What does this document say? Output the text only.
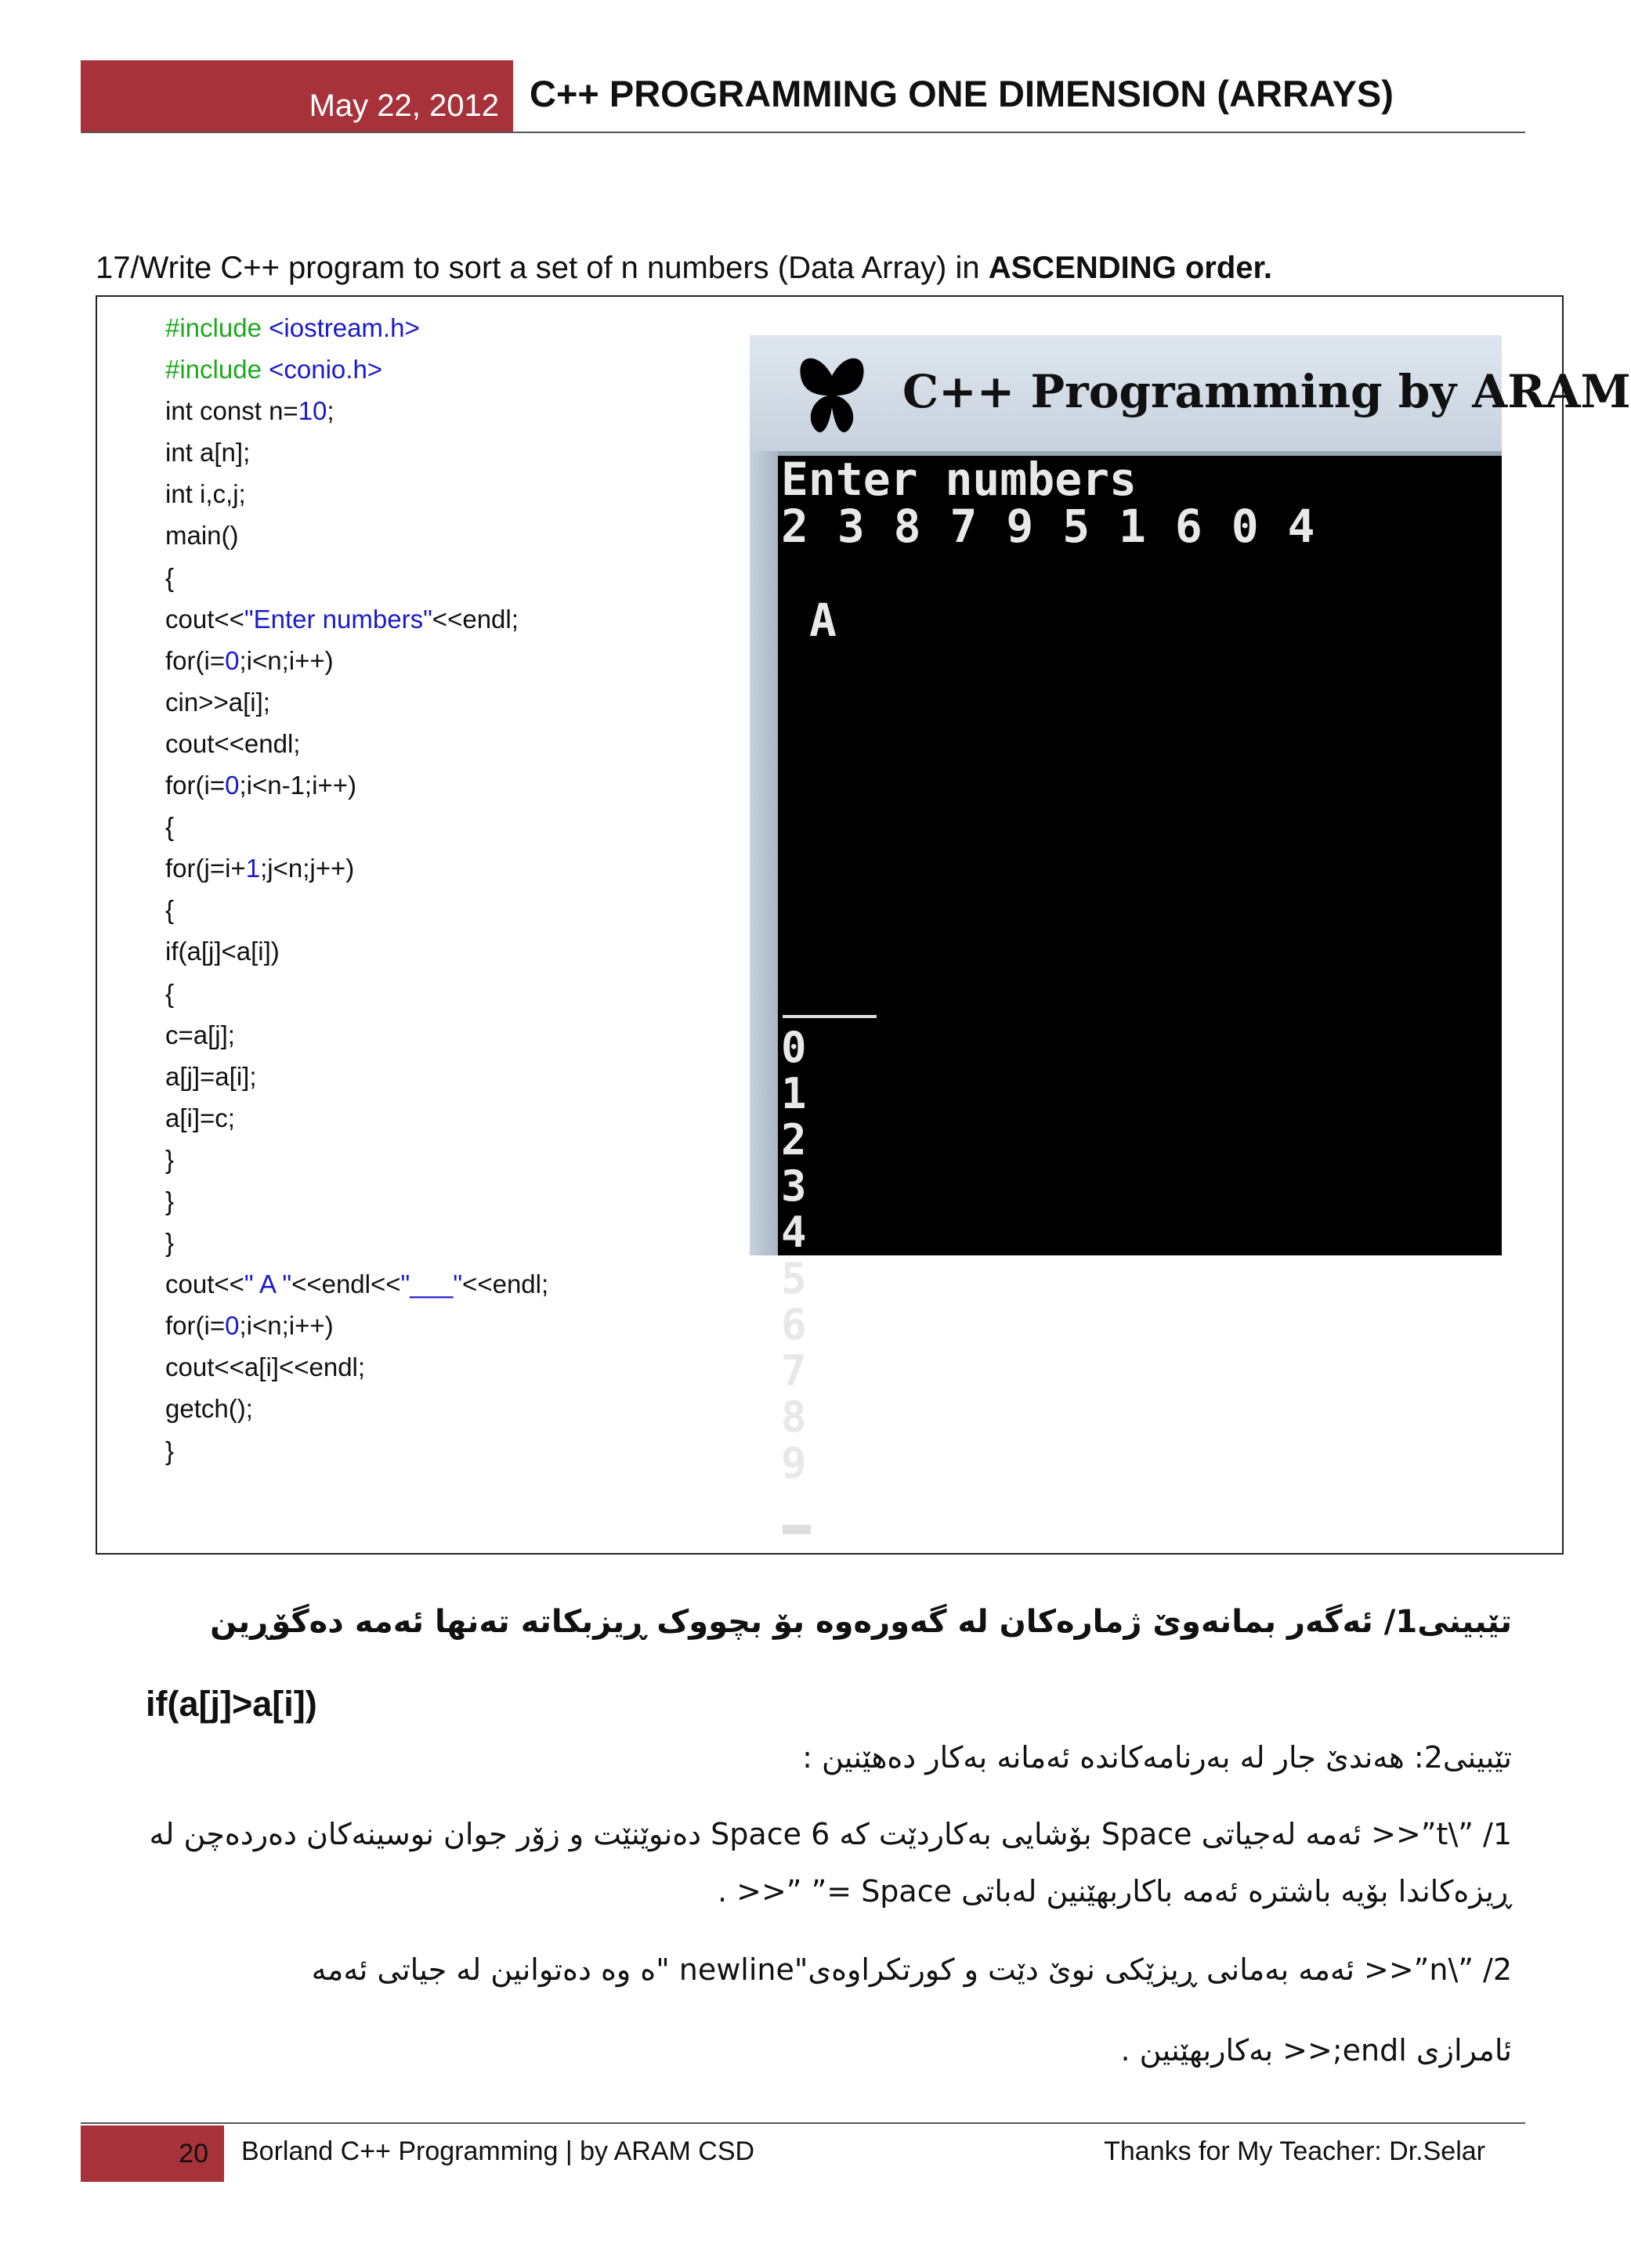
May 22, 2012 C++ PROGRAMMING ONE DIMENSION (ARRAYS)
17/Write C++ program to sort a set of n numbers (Data Array) in ASCENDING order.
#include <iostream.h>
#include <conio.h>
int const n=10;
int a[n];
int i,c,j;
main()
{
cout<<"Enter numbers"<<endl;
for(i=0;i<n;i++)
cin>>a[i];
cout<<endl;
for(i=0;i<n-1;i++)
{
for(j=i+1;j<n;j++)
{
if(a[j]<a[i])
{
c=a[j];
a[j]=a[i];
a[i]=c;
}
}
}
cout<<" A "<<endl<<"___"<<endl;
for(i=0;i<n;i++)
cout<<a[i]<<endl;
getch();
}
C++ Programming by ARAM
Enter numbers
2 3 8 7 9 5 1 6 0 4
A
0
1
2
3
4
5
6
7
8
9
تێبینی1/ ئەگەر بمانەوێ ژمارەکان لە گەورەوە بۆ بچووک ڕیزبکاتە تەنها ئەمە دەگۆڕین
if(a[j]>a[i])
تێبینی2: هەندێ جار لە بەرنامەکاندە ئەمانە بەکار دەهێنین :
1/ ”\t”<< ئەمە لەجیاتی Space بۆشایی بەکاردێت کە 6 Space دەنوێنێت و زۆر جوان نوسینەکان دەردەچن لە
ڕیزەکاندا بۆیە باشترە ئەمە باکاربهێنین لەباتی Space =” ”<< .
2/ ”\n”<< ئەمە بەمانی ڕیزێکی نوێ دێت و کورتکراوەی"newline "ە وە دەتوانین لە جیاتی ئەمە
ئامرازی endl;<< بەکاربهێنین .
20	Borland C++ Programming | by ARAM CSD	Thanks for My Teacher: Dr.Selar
